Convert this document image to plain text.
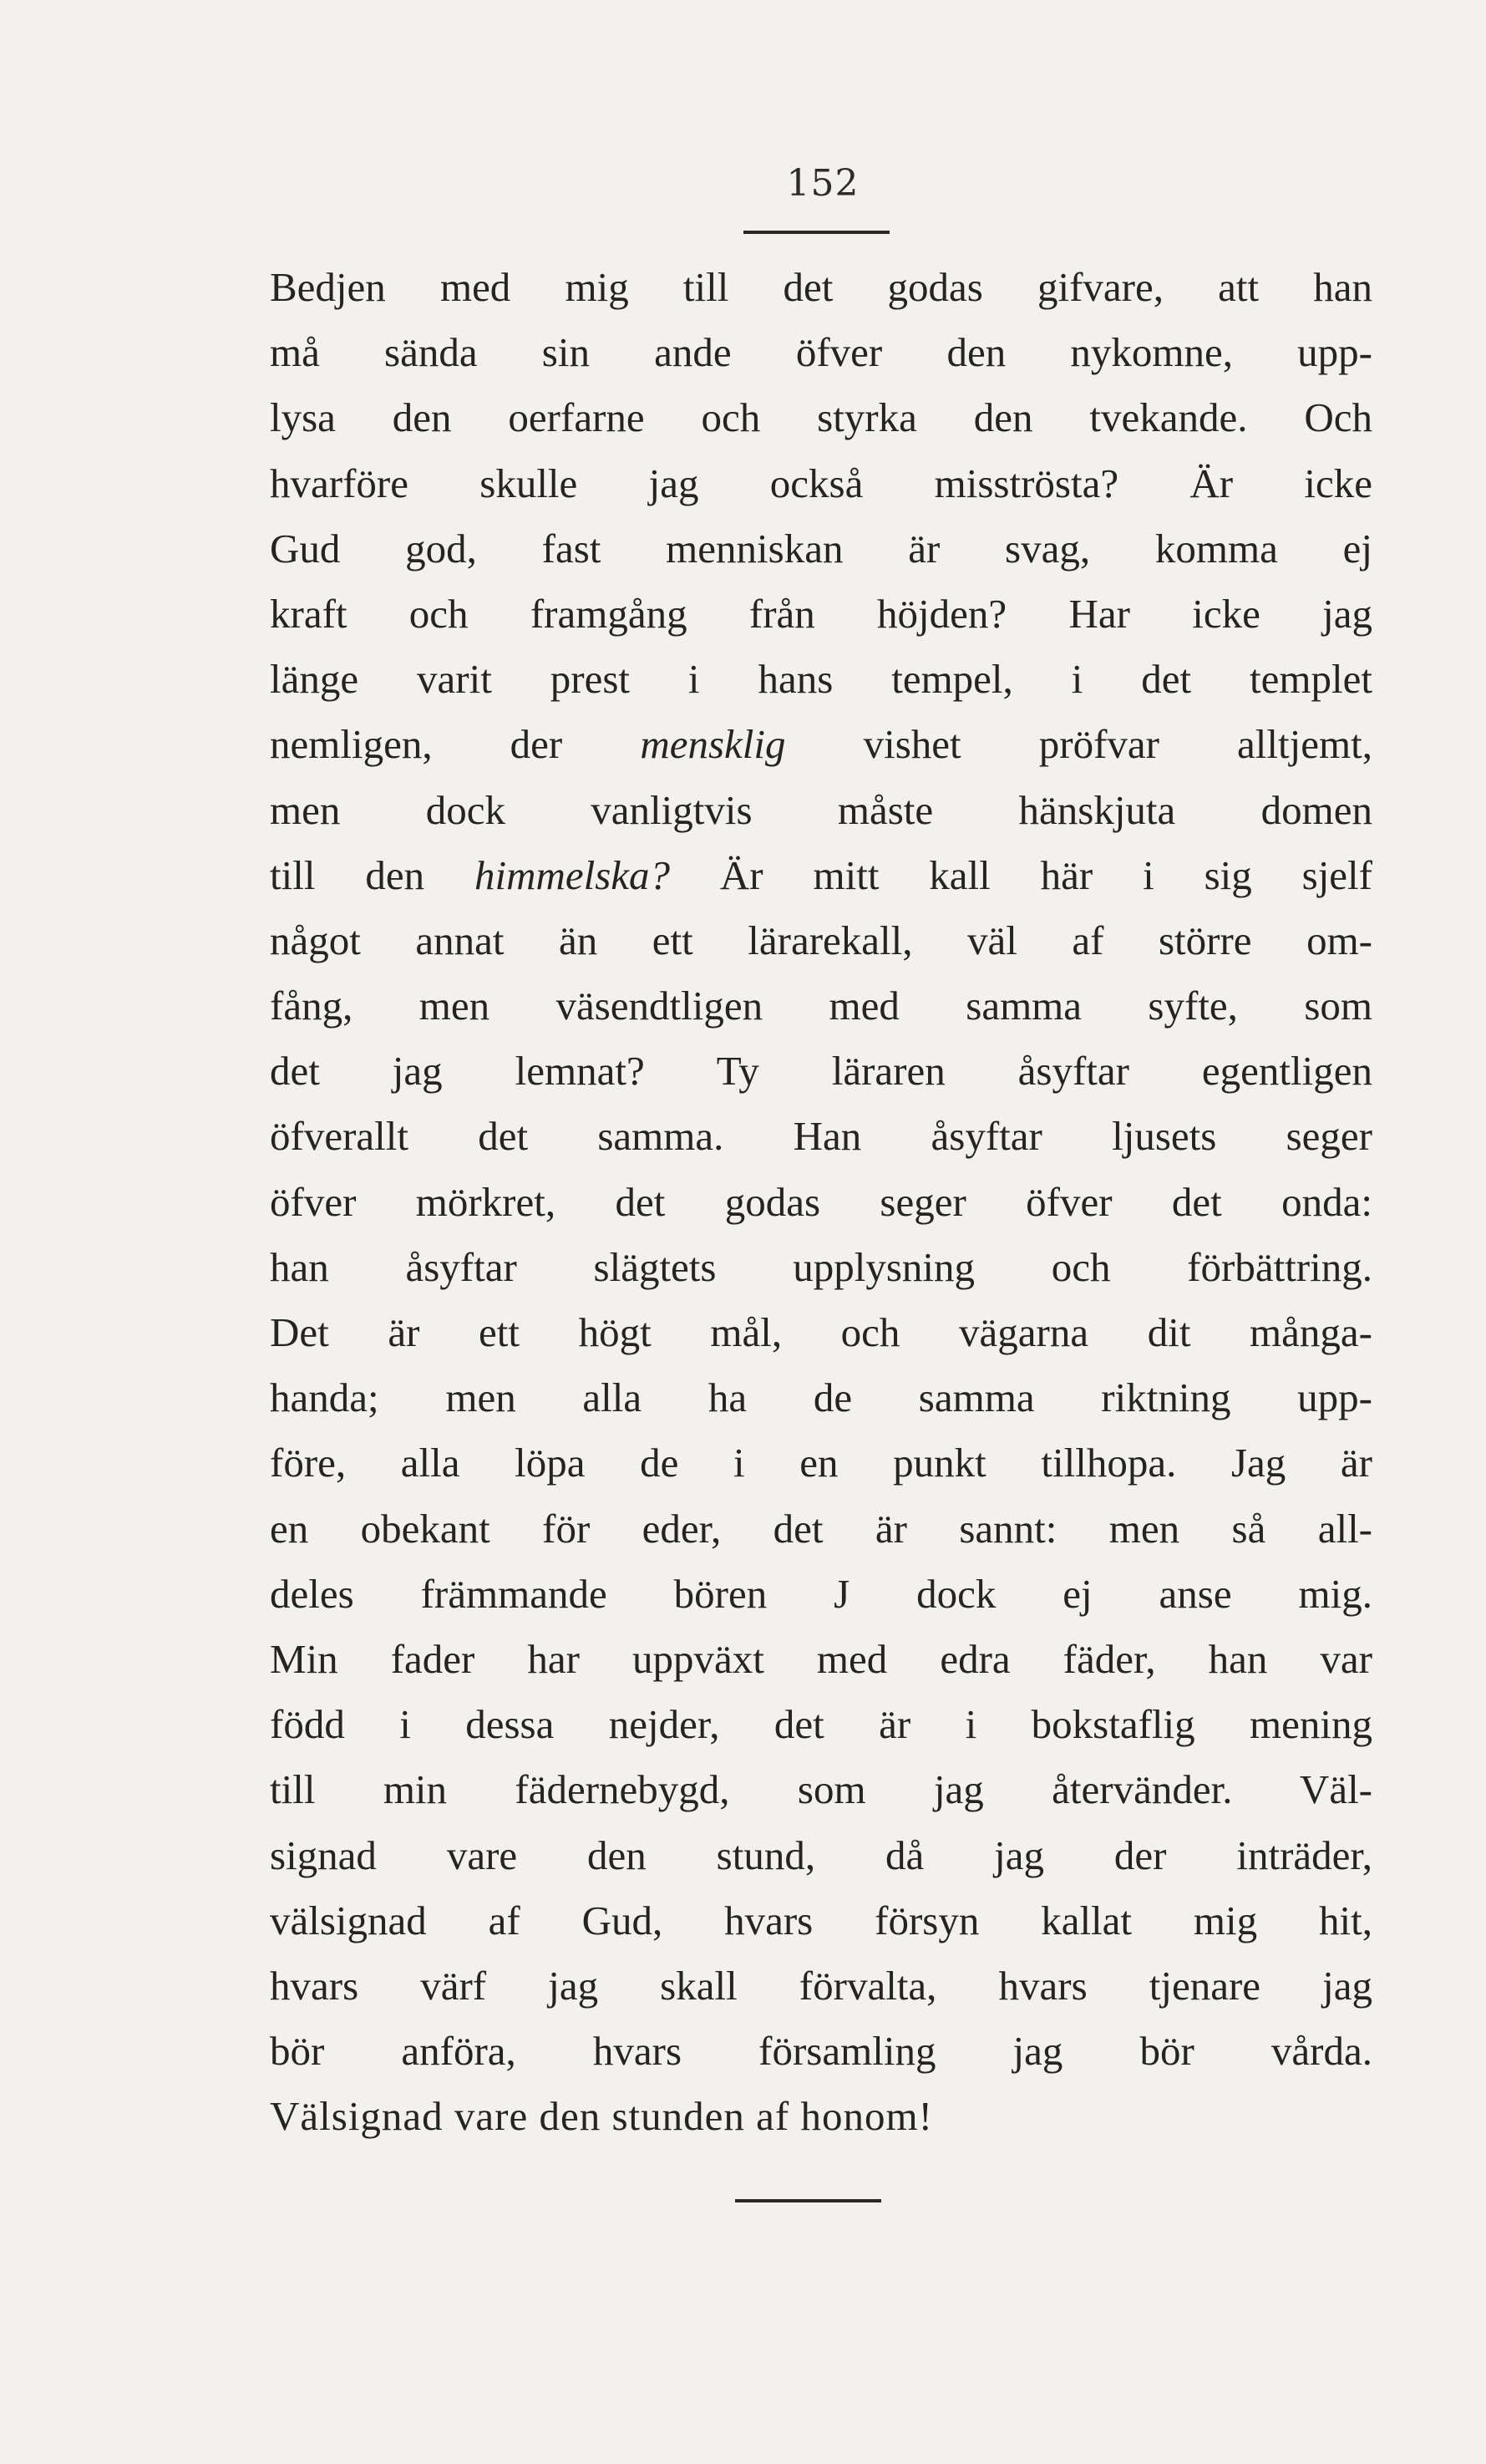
152
Bedjen med mig till det godas gifvare, att han
må sända sin ande öfver den nykomne, upp-
lysa den oerfarne och styrka den tvekande. Och
hvarföre skulle jag också misströsta? Är icke
Gud god, fast menniskan är svag, komma ej
kraft och framgång från höjden? Har icke jag
länge varit prest i hans tempel, i det templet
nemligen, der mensklig vishet pröfvar alltjemt,
men dock vanligtvis måste hänskjuta domen
till den himmelska? Är mitt kall här i sig sjelf
något annat än ett lärarekall, väl af större om-
fång, men väsendtligen med samma syfte, som
det jag lemnat? Ty läraren åsyftar egentligen
öfverallt det samma. Han åsyftar ljusets seger
öfver mörkret, det godas seger öfver det onda:
han åsyftar slägtets upplysning och förbättring.
Det är ett högt mål, och vägarna dit många-
handa; men alla ha de samma riktning upp-
före, alla löpa de i en punkt tillhopa. Jag är
en obekant för eder, det är sannt: men så all-
deles främmande bören J dock ej anse mig.
Min fader har uppväxt med edra fäder, han var
född i dessa nejder, det är i bokstaflig mening
till min fädernebygd, som jag återvänder. Väl-
signad vare den stund, då jag der inträder,
välsignad af Gud, hvars försyn kallat mig hit,
hvars värf jag skall förvalta, hvars tjenare jag
bör anföra, hvars församling jag bör vårda.
Välsignad vare den stunden af honom!
